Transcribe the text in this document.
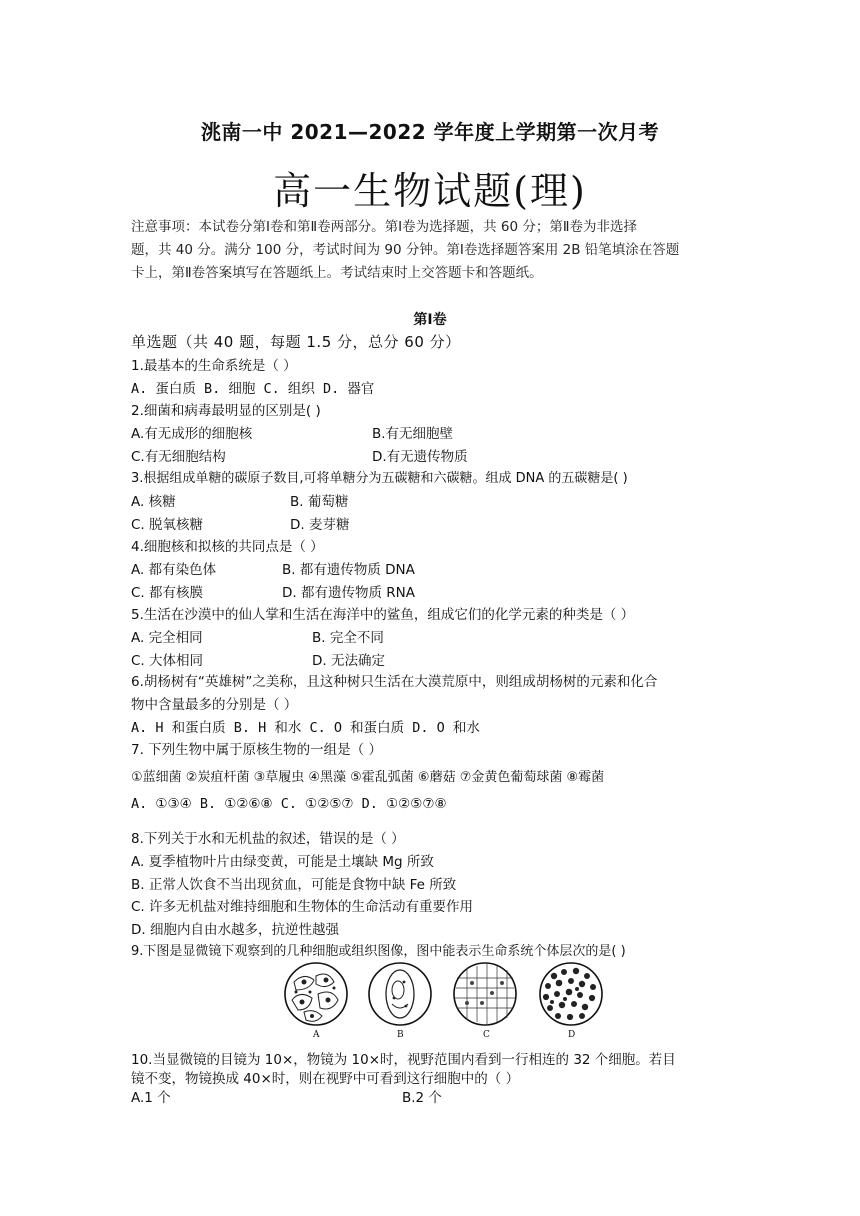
洮南一中 2021—2022 学年度上学期第一次月考
高一生物试题(理)
注意事项：本试卷分第Ⅰ卷和第Ⅱ卷两部分。第Ⅰ卷为选择题，共 60 分；第Ⅱ卷为非选择
题，共 40 分。满分 100 分，考试时间为 90 分钟。第Ⅰ卷选择题答案用 2B 铅笔填涂在答题
卡上，第Ⅱ卷答案填写在答题纸上。考试结束时上交答题卡和答题纸。
第Ⅰ卷
单选题（共 40 题，每题 1.5 分，总分 60 分）
1.最基本的生命系统是（ ）
A. 蛋白质 B. 细胞 C. 组织 D. 器官
2.细菌和病毒最明显的区别是( )
A.有无成形的细胞核	B.有无细胞壁
C.有无细胞结构	D.有无遗传物质
3.根据组成单糖的碳原子数目,可将单糖分为五碳糖和六碳糖。组成 DNA 的五碳糖是( )
A. 核糖	B. 葡萄糖
C. 脱氧核糖	D. 麦芽糖
4.细胞核和拟核的共同点是（ ）
A. 都有染色体	B. 都有遗传物质 DNA
C. 都有核膜	D. 都有遗传物质 RNA
5.生活在沙漠中的仙人掌和生活在海洋中的鲨鱼，组成它们的化学元素的种类是（ ）
A. 完全相同	B. 完全不同
C. 大体相同	D. 无法确定
6.胡杨树有“英雄树”之美称，且这种树只生活在大漠荒原中，则组成胡杨树的元素和化合
物中含量最多的分别是（ ）
A. H 和蛋白质 B. H 和水 C. O 和蛋白质 D. O 和水
7. 下列生物中属于原核生物的一组是（ ）
①蓝细菌 ②炭疽杆菌 ③草履虫 ④黑藻 ⑤霍乱弧菌 ⑥蘑菇 ⑦金黄色葡萄球菌 ⑧霉菌
A. ①③④ B. ①②⑥⑧ C. ①②⑤⑦ D. ①②⑤⑦⑧
8.下列关于水和无机盐的叙述，错误的是（ ）
A. 夏季植物叶片由绿变黄，可能是土壤缺 Mg 所致
B. 正常人饮食不当出现贫血，可能是食物中缺 Fe 所致
C. 许多无机盐对维持细胞和生物体的生命活动有重要作用
D. 细胞内自由水越多，抗逆性越强
9.下图是显微镜下观察到的几种细胞或组织图像，图中能表示生命系统个体层次的是( )
A	B	C	D
10.当显微镜的目镜为 10×，物镜为 10×时，视野范围内看到一行相连的 32 个细胞。若目
镜不变，物镜换成 40×时，则在视野中可看到这行细胞中的（ ）
A.1 个	B.2 个
